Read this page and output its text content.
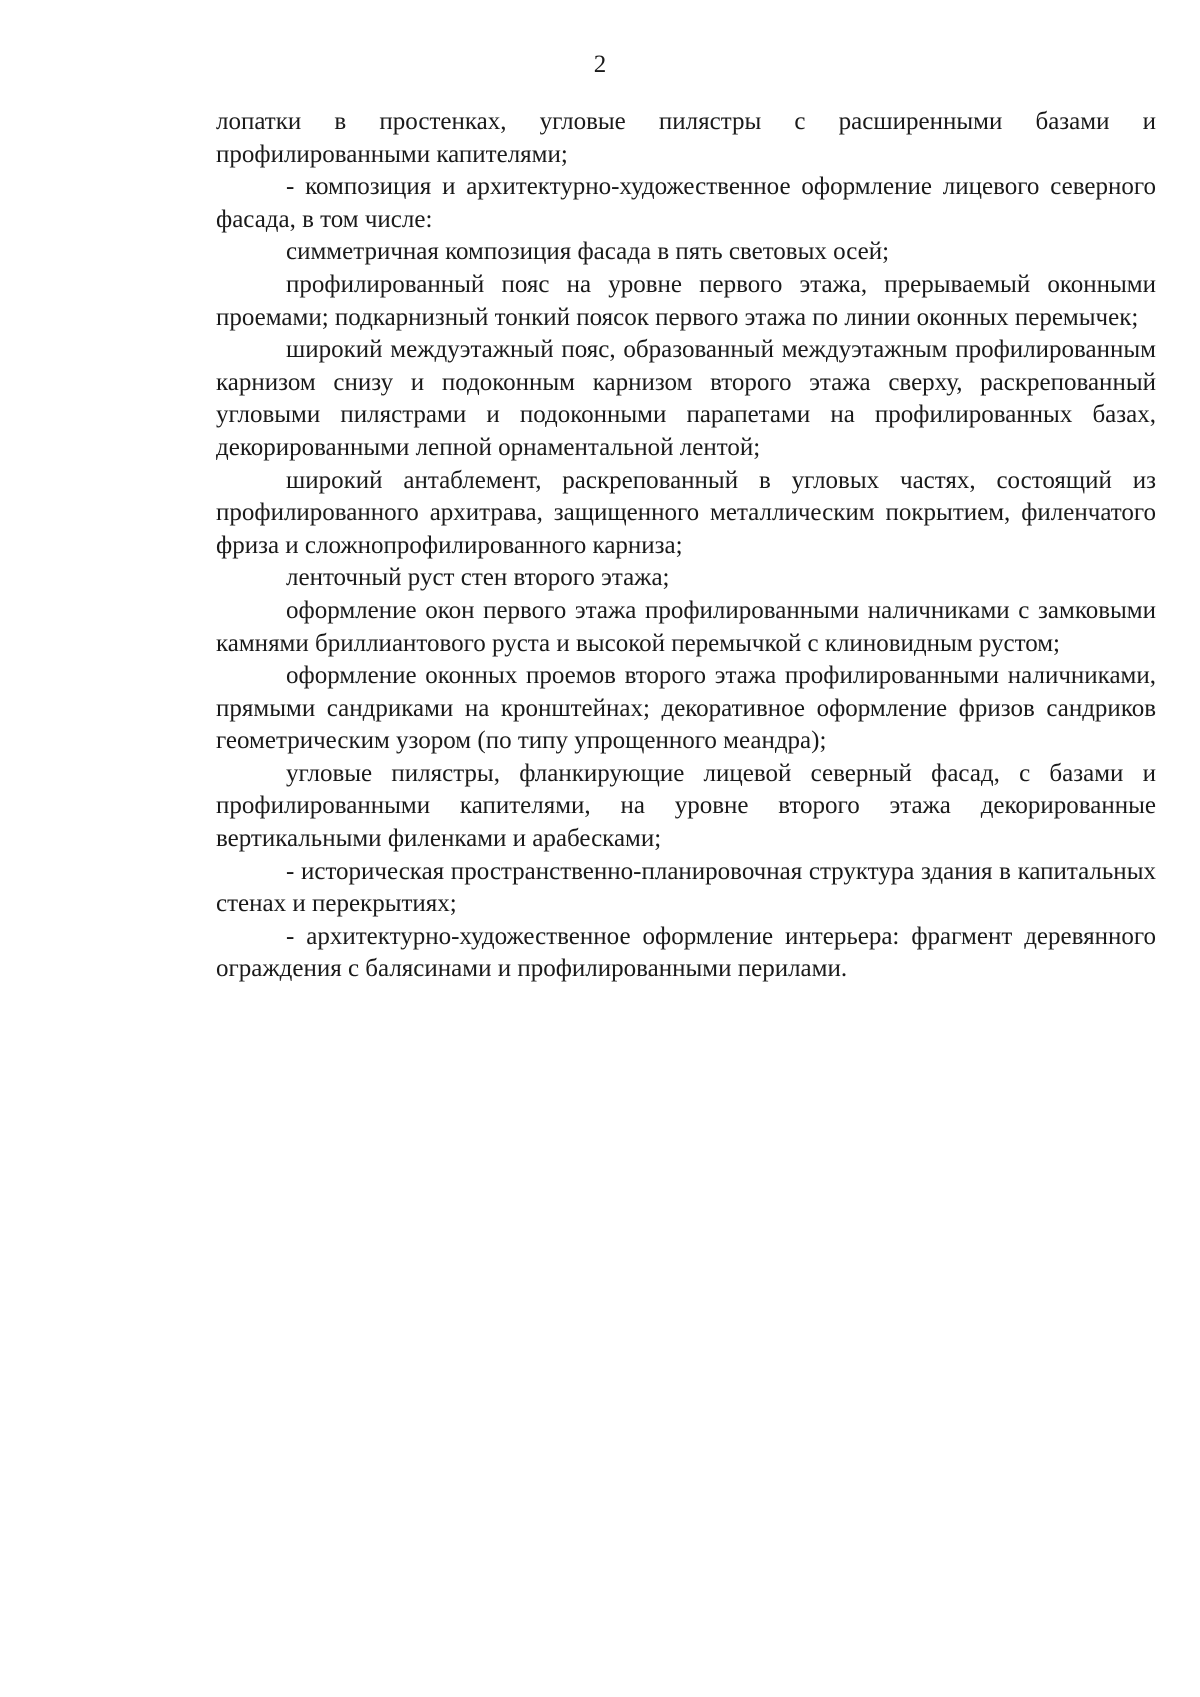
2

лопатки в простенках, угловые пилястры с расширенными базами и профилированными капителями;

- композиция и архитектурно-художественное оформление лицевого северного фасада, в том числе:

симметричная композиция фасада в пять световых осей;

профилированный пояс на уровне первого этажа, прерываемый оконными проемами; подкарнизный тонкий поясок первого этажа по линии оконных перемычек;

широкий междуэтажный пояс, образованный междуэтажным профилированным карнизом снизу и подоконным карнизом второго этажа сверху, раскрепованный угловыми пилястрами и подоконными парапетами на профилированных базах, декорированными лепной орнаментальной лентой;

широкий антаблемент, раскрепованный в угловых частях, состоящий из профилированного архитрава, защищенного металлическим покрытием, филенчатого фриза и сложнопрофилированного карниза;

ленточный руст стен второго этажа;

оформление окон первого этажа профилированными наличниками с замковыми камнями бриллиантового руста и высокой перемычкой с клиновидным рустом;

оформление оконных проемов второго этажа профилированными наличниками, прямыми сандриками на кронштейнах; декоративное оформление фризов сандриков геометрическим узором (по типу упрощенного меандра);

угловые пилястры, фланкирующие лицевой северный фасад, с базами и профилированными капителями, на уровне второго этажа декорированные вертикальными филенками и арабесками;

- историческая пространственно-планировочная структура здания в капитальных стенах и перекрытиях;

- архитектурно-художественное оформление интерьера: фрагмент деревянного ограждения с балясинами и профилированными перилами.
